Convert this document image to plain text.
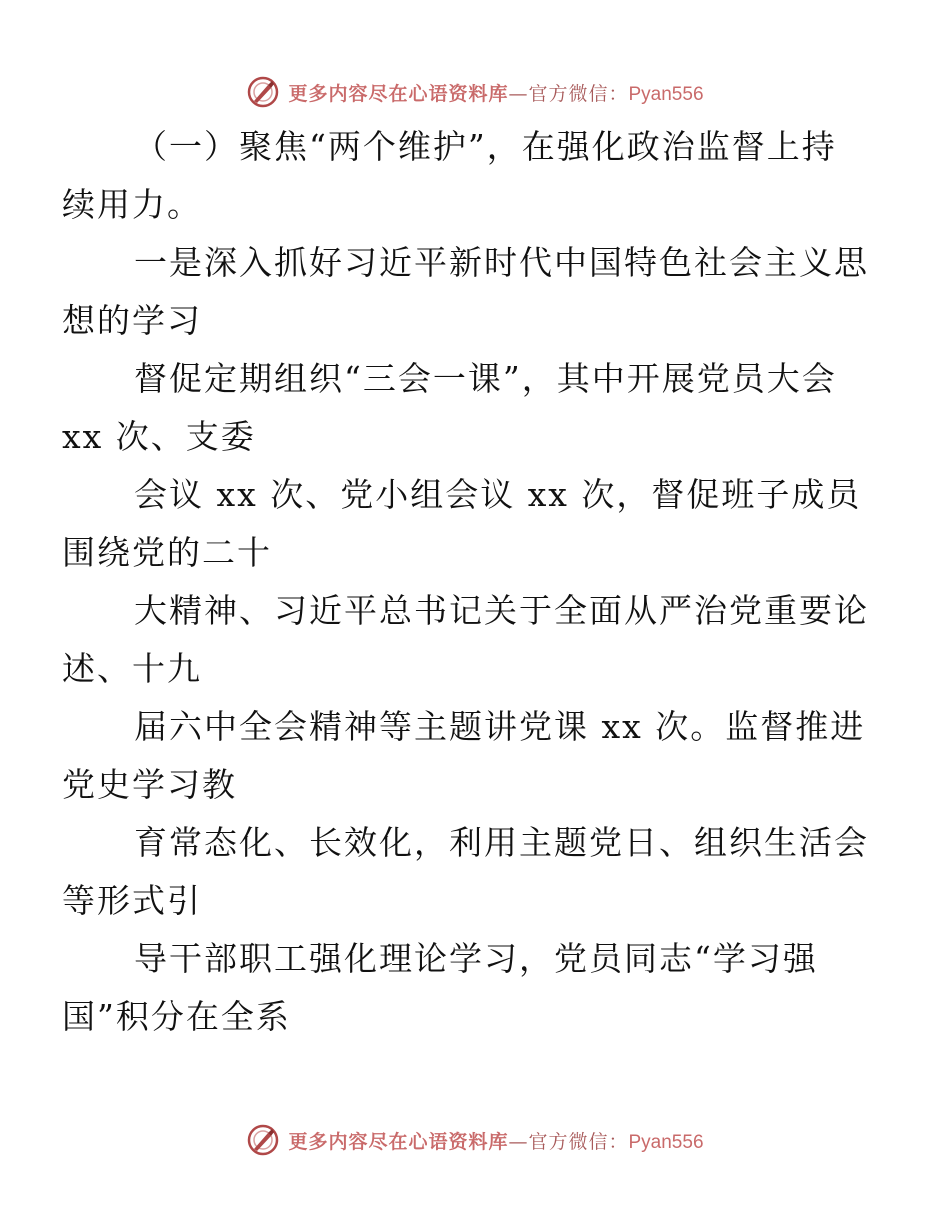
更多内容尽在心语资料库—官方微信：Pyan556

（一）聚焦“两个维护”，在强化政治监督上持
续用力。

一是深入抓好习近平新时代中国特色社会主义思
想的学习

督促定期组织“三会一课”，其中开展党员大会
xx 次、支委

会议 xx 次、党小组会议 xx 次，督促班子成员
围绕党的二十

大精神、习近平总书记关于全面从严治党重要论
述、十九

届六中全会精神等主题讲党课 xx 次。监督推进
党史学习教

育常态化、长效化，利用主题党日、组织生活会
等形式引

导干部职工强化理论学习，党员同志“学习强
国”积分在全系

更多内容尽在心语资料库—官方微信：Pyan556
